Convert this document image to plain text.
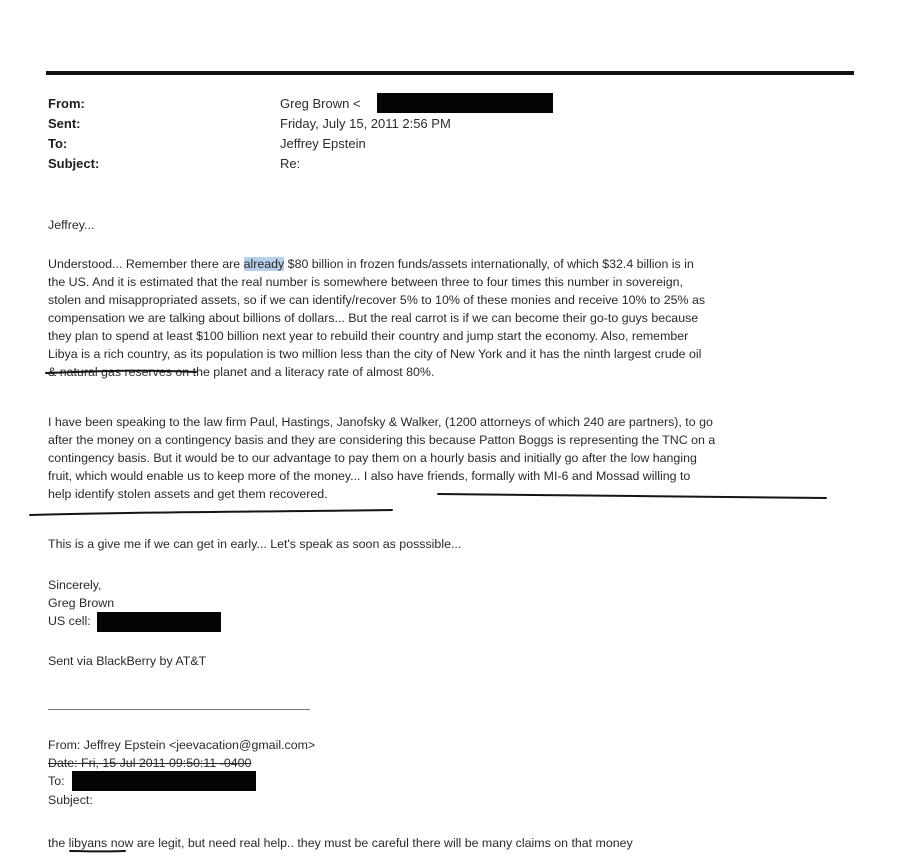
From:	Greg Brown <
Sent:	Friday, July 15, 2011 2:56 PM
To:	Jeffrey Epstein
Subject:	Re:
Jeffrey...
Understood... Remember there are already $80 billion in frozen funds/assets internationally, of which $32.4 billion is in
the US. And it is estimated that the real number is somewhere between three to four times this number in sovereign,
stolen and misappropriated assets, so if we can identify/recover 5% to 10% of these monies and receive 10% to 25% as
compensation we are talking about billions of dollars... But the real carrot is if we can become their go-to guys because
they plan to spend at least $100 billion next year to rebuild their country and jump start the economy. Also, remember
Libya is a rich country, as its population is two million less than the city of New York and it has the ninth largest crude oil
& natural gas reserves on the planet and a literacy rate of almost 80%.
I have been speaking to the law firm Paul, Hastings, Janofsky & Walker, (1200 attorneys of which 240 are partners), to go
after the money on a contingency basis and they are considering this because Patton Boggs is representing the TNC on a
contingency basis. But it would be to our advantage to pay them on a hourly basis and initially go after the low hanging
fruit, which would enable us to keep more of the money... I also have friends, formally with MI-6 and Mossad willing to
help identify stolen assets and get them recovered.
This is a give me if we can get in early... Let's speak as soon as posssible...
Sincerely,
Greg Brown
US cell:
Sent via BlackBerry by AT&T
From: Jeffrey Epstein <jeevacation@gmail.com>
Date: Fri, 15 Jul 2011 09:50:11 -0400
To:
Subject:
the libyans now are legit, but need real help.. they must be careful there will be many claims on that money
